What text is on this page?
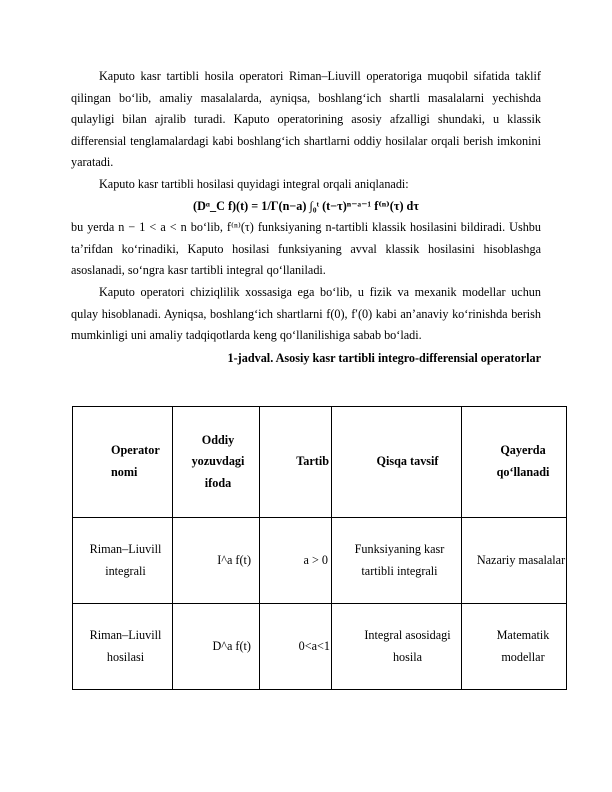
Kaputo kasr tartibli hosila operatori Riman–Liuvill operatoriga muqobil sifatida taklif qilingan bo‘lib, amaliy masalalarda, ayniqsa, boshlang‘ich shartli masalalarni yechishda qulayligi bilan ajralib turadi. Kaputo operatorining asosiy afzalligi shundaki, u klassik differensial tenglamalardagi kabi boshlang‘ich shartlarni oddiy hosilalar orqali berish imkonini yaratadi.

Kaputo kasr tartibli hosilasi quyidagi integral orqali aniqlanadi:

(Dᵅ_C f)(t) = 1/Γ(n−a) ∫₀ᵗ (t−τ)ⁿ⁻ᵃ⁻¹ f⁽ⁿ⁾(τ) dτ

bu yerda n − 1 < a < n bo‘lib, f⁽ⁿ⁾(τ) funksiyaning n-tartibli klassik hosilasini bildiradi. Ushbu ta’rifdan ko‘rinadiki, Kaputo hosilasi funksiyaning avval klassik hosilasini hisoblashga asoslanadi, so‘ngra kasr tartibli integral qo‘llaniladi.

Kaputo operatori chiziqlilik xossasiga ega bo‘lib, u fizik va mexanik modellar uchun qulay hisoblanadi. Ayniqsa, boshlang‘ich shartlarni f(0), f′(0) kabi an’anaviy ko‘rinishda berish mumkinligi uni amaliy tadqiqotlarda keng qo‘llanilishiga sabab bo‘ladi.

1-jadval. Asosiy kasr tartibli integro-differensial operatorlar
Operator nomi	Oddiy yozuvdagi ifoda	Tartib	Qisqa tavsif	Qayerda qo‘llanadi

Riman–Liuvill integrali	I^a f(t)	a > 0	Funksiyaning kasr tartibli integrali	Nazariy masalalar

Riman–Liuvill hosilasi	D^a f(t)	0<a<1	Integral asosidagi hosila	Matematik modellar
